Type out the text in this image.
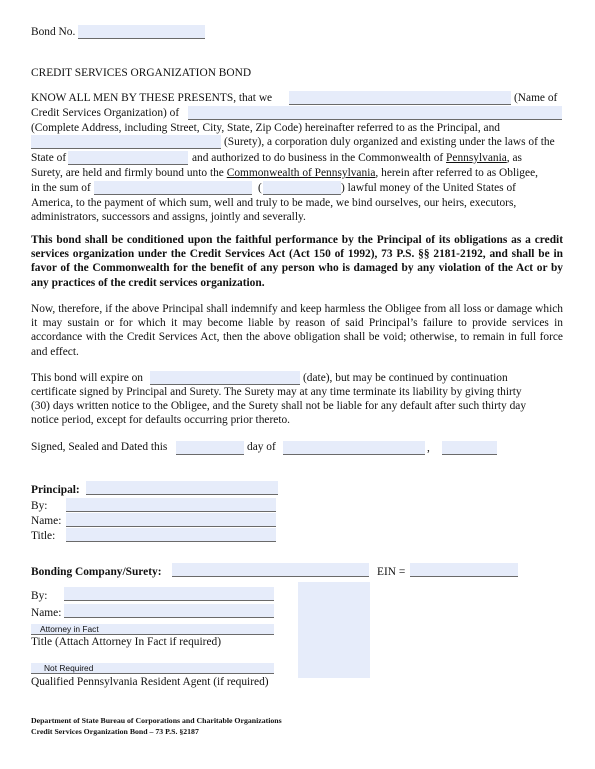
Bond No.
CREDIT SERVICES ORGANIZATION BOND
KNOW ALL MEN BY THESE PRESENTS, that we	(Name of
Credit Services Organization) of
(Complete Address, including Street, City, State, Zip Code) hereinafter referred to as the Principal, and
(Surety), a corporation duly organized and existing under the laws of the
State of	and authorized to do business in the Commonwealth of Pennsylvania, as
Surety, are held and firmly bound unto the Commonwealth of Pennsylvania, herein after referred to as Obligee,
in the sum of	(	) lawful money of the United States of
America, to the payment of which sum, well and truly to be made, we bind ourselves, our heirs, executors,
administrators, successors and assigns, jointly and severally.
This bond shall be conditioned upon the faithful performance by the Principal of its obligations as a credit services organization under the Credit Services Act (Act 150 of 1992), 73 P.S. §§ 2181-2192, and shall be in favor of the Commonwealth for the benefit of any person who is damaged by any violation of the Act or by any practices of the credit services organization.
Now, therefore, if the above Principal shall indemnify and keep harmless the Obligee from all loss or damage which it may sustain or for which it may become liable by reason of said Principal’s failure to provide services in accordance with the Credit Services Act, then the above obligation shall be void; otherwise, to remain in full force and effect.
This bond will expire on	(date), but may be continued by continuation
certificate signed by Principal and Surety. The Surety may at any time terminate its liability by giving thirty
(30) days written notice to the Obligee, and the Surety shall not be liable for any default after such thirty day
notice period, except for defaults occurring prior thereto.
Signed, Sealed and Dated this	day of	,
Principal:
By:
Name:
Title:
Bonding Company/Surety:	EIN =
By:
Name:
Attorney in Fact
Title (Attach Attorney In Fact if required)
Not Required
Qualified Pennsylvania Resident Agent (if required)
Department of State Bureau of Corporations and Charitable Organizations
Credit Services Organization Bond – 73 P.S. §2187
